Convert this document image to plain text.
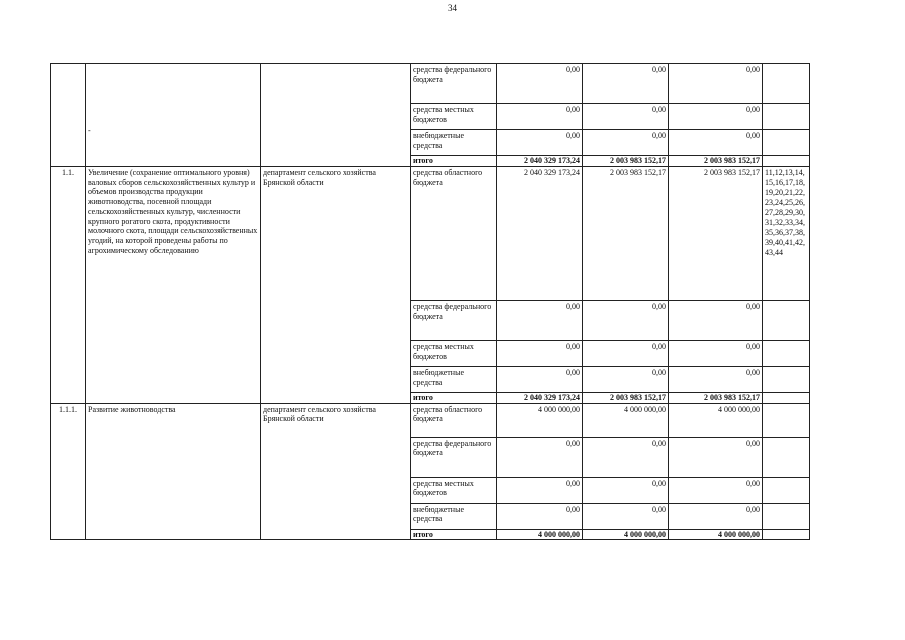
34
-
			средства федерального бюджета	0,00	0,00	0,00	
			средства местных бюджетов	0,00	0,00	0,00	
			внебюджетные средства	0,00	0,00	0,00	
			итого	2 040 329 173,24	2 003 983 152,17	2 003 983 152,17	
1.1.	Увеличение (сохранение оптимального уровня) валовых сборов сельскохозяйственных культур и объемов производства продукции животноводства, посевной площади сельскохозяйственных культур, численности крупного рогатого скота, продуктивности молочного скота, площади сельскохозяйственных угодий, на которой проведены работы по агрохимическому обследованию	департамент сельского хозяйства Брянской области	средства областного бюджета	2 040 329 173,24	2 003 983 152,17	2 003 983 152,17	11,12,13,14,15,16,17,18,19,20,21,22,23,24,25,26,27,28,29,30,31,32,33,34,35,36,37,38,39,40,41,42,43,44
			средства федерального бюджета	0,00	0,00	0,00	
			средства местных бюджетов	0,00	0,00	0,00	
			внебюджетные средства	0,00	0,00	0,00	
			итого	2 040 329 173,24	2 003 983 152,17	2 003 983 152,17	
1.1.1.	Развитие животноводства	департамент сельского хозяйства Брянской области	средства областного бюджета	4 000 000,00	4 000 000,00	4 000 000,00	
			средства федерального бюджета	0,00	0,00	0,00	
			средства местных бюджетов	0,00	0,00	0,00	
			внебюджетные средства	0,00	0,00	0,00	
			итого	4 000 000,00	4 000 000,00	4 000 000,00	
